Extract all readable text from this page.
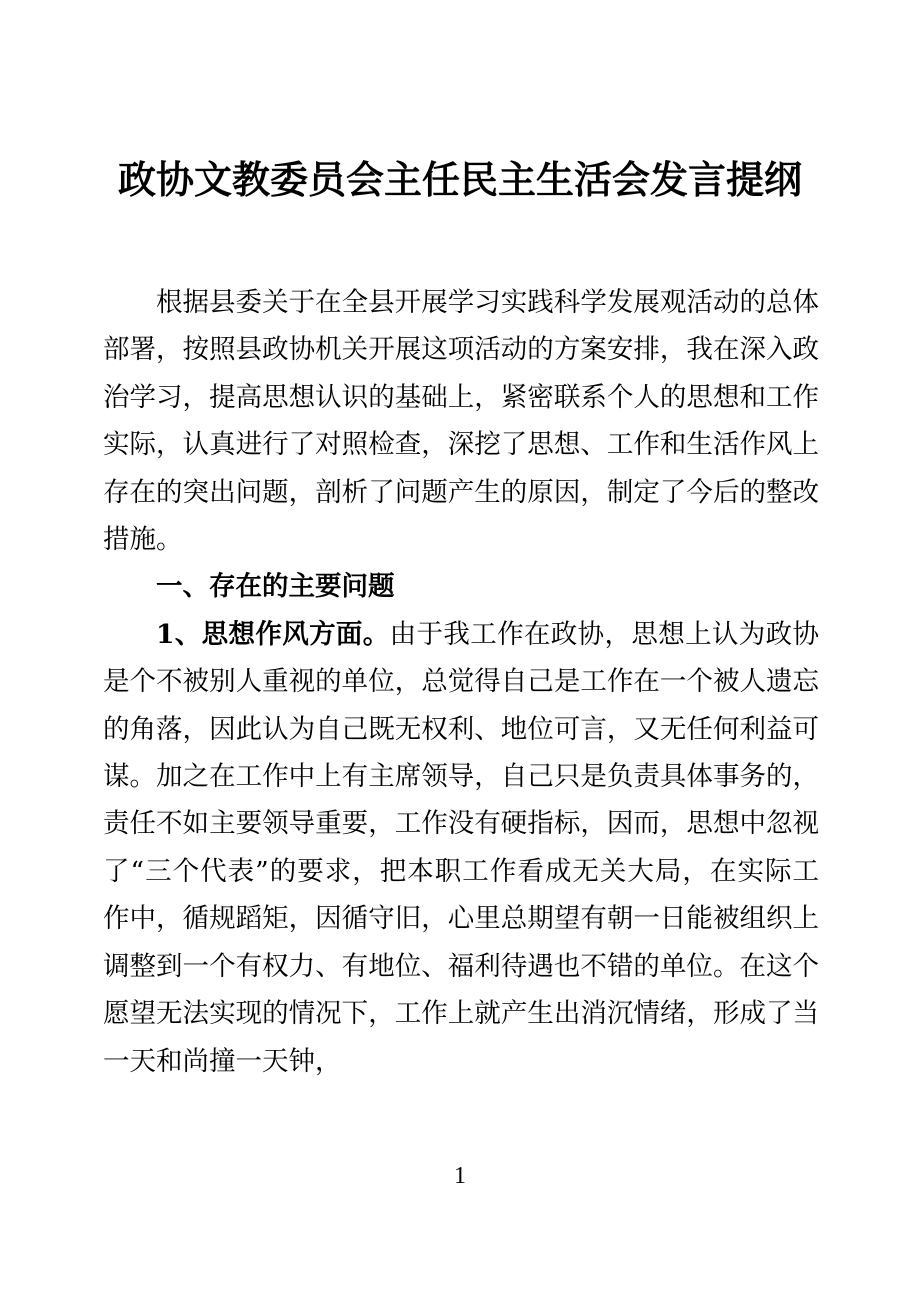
政协文教委员会主任民主生活会发言提纲

根据县委关于在全县开展学习实践科学发展观活动的总体部署，按照县政协机关开展这项活动的方案安排，我在深入政治学习，提高思想认识的基础上，紧密联系个人的思想和工作实际，认真进行了对照检查，深挖了思想、工作和生活作风上存在的突出问题，剖析了问题产生的原因，制定了今后的整改措施。

一、存在的主要问题

1、思想作风方面。由于我工作在政协，思想上认为政协是个不被别人重视的单位，总觉得自己是工作在一个被人遗忘的角落，因此认为自己既无权利、地位可言，又无任何利益可谋。加之在工作中上有主席领导，自己只是负责具体事务的，责任不如主要领导重要，工作没有硬指标，因而，思想中忽视了“三个代表”的要求，把本职工作看成无关大局，在实际工作中，循规蹈矩，因循守旧，心里总期望有朝一日能被组织上调整到一个有权力、有地位、福利待遇也不错的单位。在这个愿望无法实现的情况下，工作上就产生出消沉情绪，形成了当一天和尚撞一天钟，

1
